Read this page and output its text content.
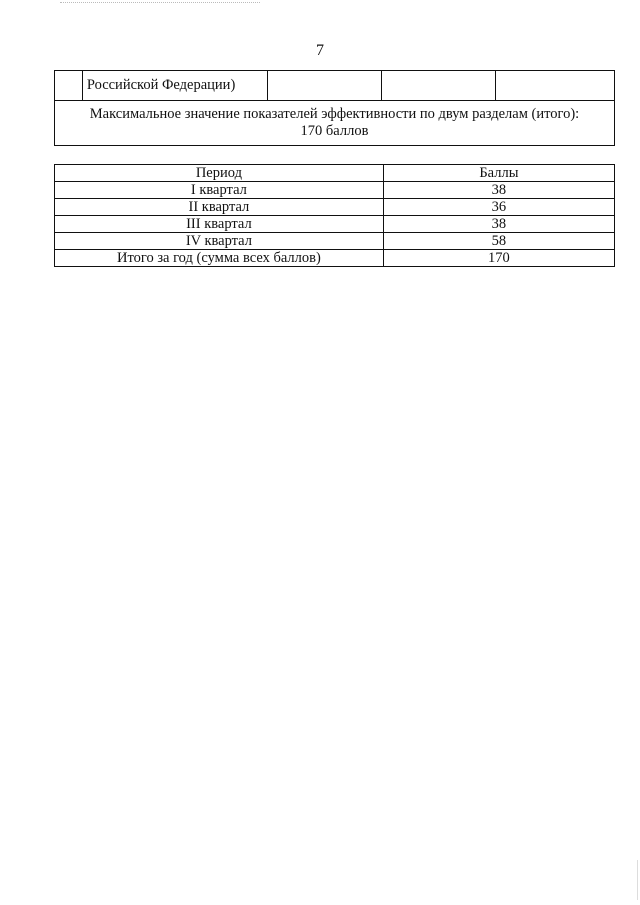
7
	Российской Федерации)			

Максимальное значение показателей эффективности по двум разделам (итого):
170 баллов
Период	Баллы
I квартал	38
II квартал	36
III квартал	38
IV квартал	58
Итого за год (сумма всех баллов)	170
